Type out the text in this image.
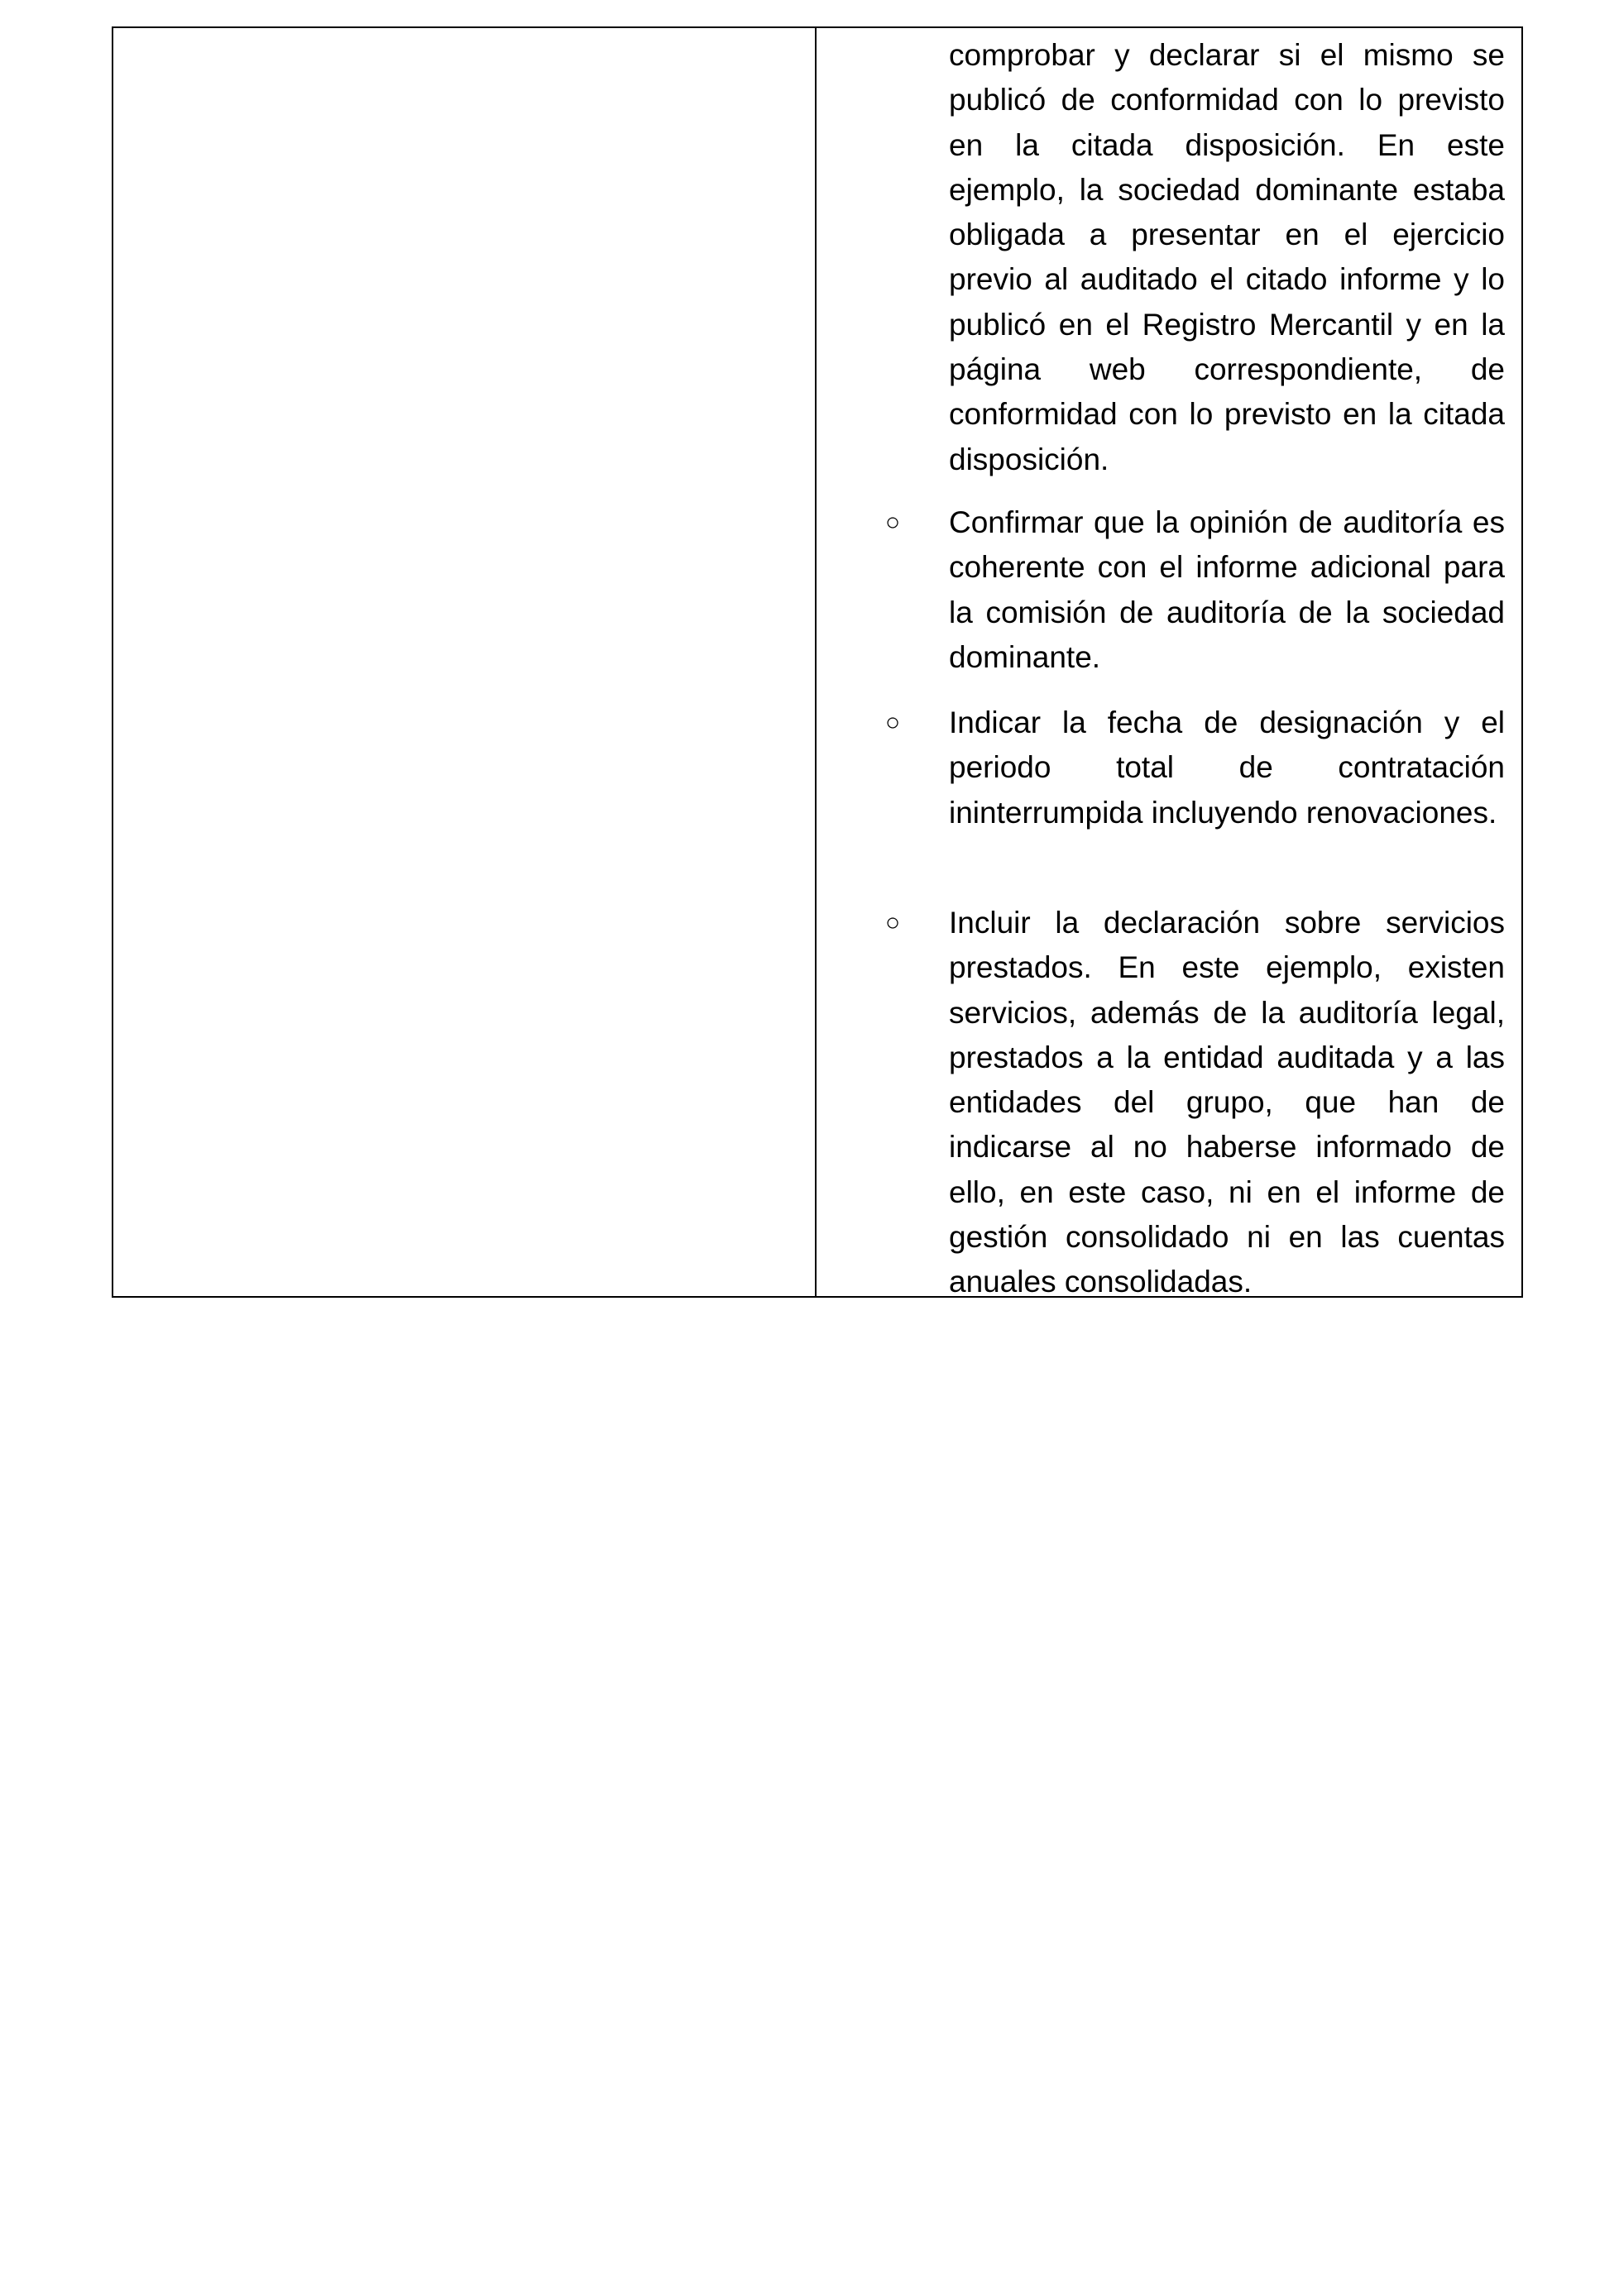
comprobar y declarar si el mismo se publicó de conformidad con lo previsto en la citada disposición. En este ejemplo, la sociedad dominante estaba obligada a presentar en el ejercicio previo al auditado el citado informe y lo publicó en el Registro Mercantil y en la página web correspondiente, de conformidad con lo previsto en la citada disposición.

○ Confirmar que la opinión de auditoría es coherente con el informe adicional para la comisión de auditoría de la sociedad dominante.

○ Indicar la fecha de designación y el periodo total de contratación ininterrumpida incluyendo renovaciones.

○ Incluir la declaración sobre servicios prestados. En este ejemplo, existen servicios, además de la auditoría legal, prestados a la entidad auditada y a las entidades del grupo, que han de indicarse al no haberse informado de ello, en este caso, ni en el informe de gestión consolidado ni en las cuentas anuales consolidadas.
